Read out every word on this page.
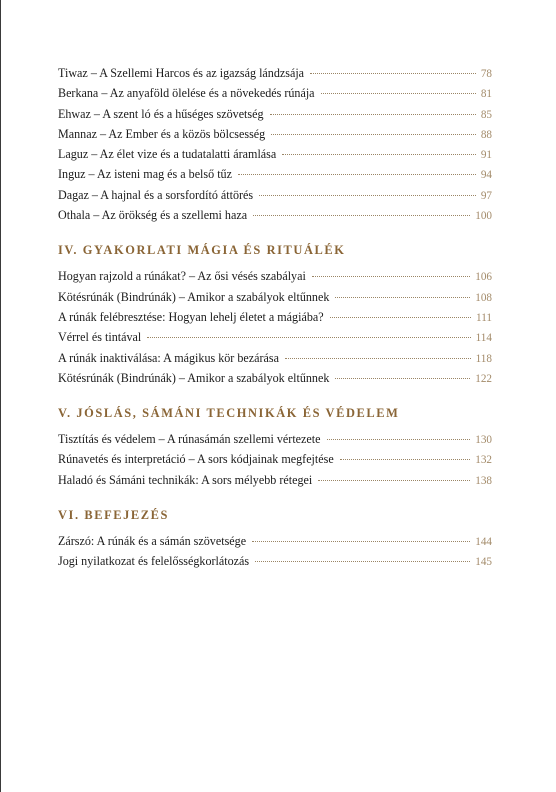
Tiwaz – A Szellemi Harcos és az igazság lándzsája	78
Berkana – Az anyaföld ölelése és a növekedés rúnája	81
Ehwaz – A szent ló és a hűséges szövetség	85
Mannaz – Az Ember és a közös bölcsesség	88
Laguz – Az élet vize és a tudatalatti áramlása	91
Inguz – Az isteni mag és a belső tűz	94
Dagaz – A hajnal és a sorsfordító áttörés	97
Othala – Az örökség és a szellemi haza	100
IV. GYAKORLATI MÁGIA ÉS RITUÁLÉK
Hogyan rajzold a rúnákat? – Az ősi vésés szabályai	106
Kötésrúnák (Bindrúnák) – Amikor a szabályok eltűnnek	108
A rúnák felébresztése: Hogyan lehelj életet a mágiába?	111
Vérrel és tintával	114
A rúnák inaktiválása: A mágikus kör bezárása	118
Kötésrúnák (Bindrúnák) – Amikor a szabályok eltűnnek	122
V. JÓSLÁS, SÁMÁNI TECHNIKÁK ÉS VÉDELEM
Tisztítás és védelem – A rúnasámán szellemi vértezete	130
Rúnavetés és interpretáció – A sors kódjainak megfejtése	132
Haladó és Sámáni technikák: A sors mélyebb rétegei	138
VI. BEFEJEZÉS
Zárszó: A rúnák és a sámán szövetsége	144
Jogi nyilatkozat és felelősségkorlátozás	145
